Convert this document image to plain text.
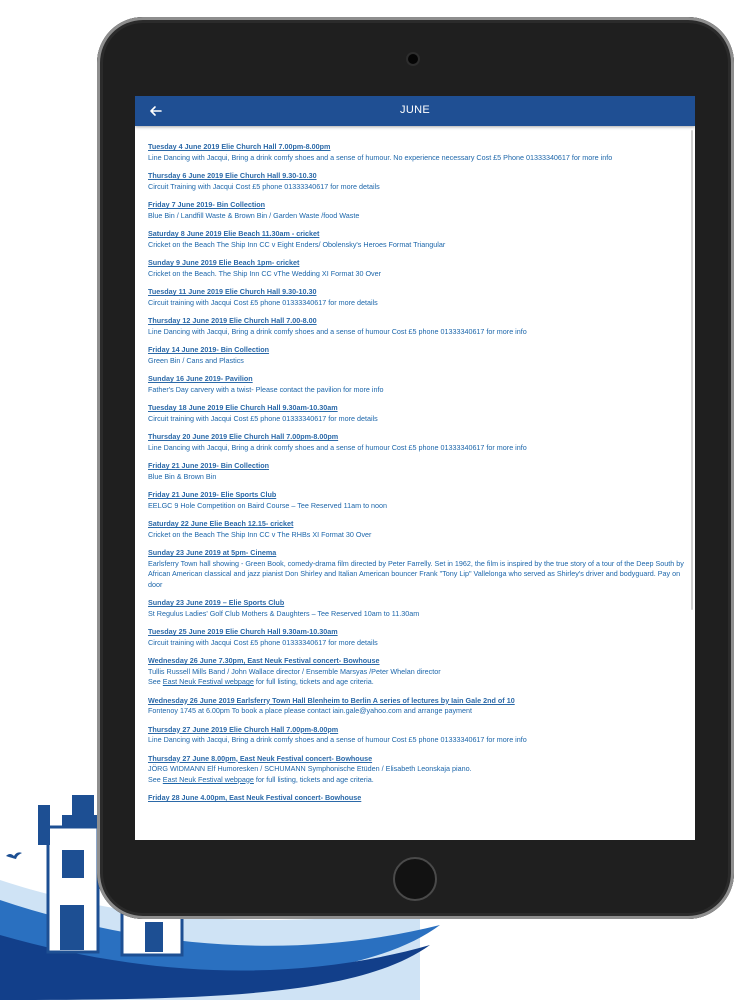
JUNE
Tuesday 4 June 2019 Elie Church Hall 7.00pm-8.00pm
Line Dancing with Jacqui, Bring a drink comfy shoes and a sense of humour. No experience necessary Cost £5 Phone 01333340617 for more info
Thursday 6 June 2019 Elie Church Hall 9.30-10.30
Circuit Training with Jacqui Cost £5 phone 01333340617 for more details
Friday 7 June 2019- Bin Collection
Blue Bin / Landfill Waste & Brown Bin / Garden Waste /food Waste
Saturday 8 June 2019 Elie Beach 11.30am - cricket
Cricket on the Beach The Ship Inn CC v Eight Enders/ Obolensky's Heroes Format Triangular
Sunday 9 June 2019 Elie Beach 1pm- cricket
Cricket on the Beach. The Ship Inn CC vThe Wedding XI Format 30 Over
Tuesday 11 June 2019 Elie Church Hall 9.30-10.30
Circuit training with Jacqui Cost £5 phone 01333340617 for more details
Thursday 12 June 2019 Elie Church Hall 7.00-8.00
Line Dancing with Jacqui, Bring a drink comfy shoes and a sense of humour Cost £5 phone 01333340617 for more info
Friday 14 June 2019- Bin Collection
Green Bin / Cans and Plastics
Sunday 16 June 2019- Pavilion
Father's Day carvery with a twist- Please contact the pavilion for more info
Tuesday 18 June 2019 Elie Church Hall 9.30am-10.30am
Circuit training with Jacqui Cost £5 phone 01333340617 for more details
Thursday 20 June 2019 Elie Church Hall 7.00pm-8.00pm
Line Dancing with Jacqui, Bring a drink comfy shoes and a sense of humour Cost £5 phone 01333340617 for more info
Friday 21 June 2019- Bin Collection
Blue Bin & Brown Bin
Friday 21 June 2019- Elie Sports Club
EELGC 9 Hole Competition on Baird Course – Tee Reserved 11am to noon
Saturday 22 June Elie Beach 12.15- cricket
Cricket on the Beach The Ship Inn CC v The RHBs XI Format 30 Over
Sunday 23 June 2019 at 5pm- Cinema
Earlsferry Town hall showing - Green Book, comedy-drama film directed by Peter Farrelly. Set in 1962, the film is inspired by the true story of a tour of the Deep South by African American classical and jazz pianist Don Shirley and Italian American bouncer Frank "Tony Lip" Vallelonga who served as Shirley's driver and bodyguard. Pay on door
Sunday 23 June 2019 – Elie Sports Club
St Regulus Ladies' Golf Club Mothers & Daughters – Tee Reserved 10am to 11.30am
Tuesday 25 June 2019 Elie Church Hall 9.30am-10.30am
Circuit training with Jacqui Cost £5 phone 01333340617 for more details
Wednesday 26 June 7.30pm, East Neuk Festival concert- Bowhouse
Tullis Russell Mills Band / John Wallace director / Ensemble Marsyas /Peter Whelan director
See East Neuk Festival webpage for full listing, tickets and age criteria.
Wednesday 26 June 2019 Earlsferry Town Hall Blenheim to Berlin A series of lectures by Iain Gale 2nd of 10
Fontenoy 1745 at 6.00pm To book a place please contact iain.gale@yahoo.com and arrange payment
Thursday 27 June 2019 Elie Church Hall 7.00pm-8.00pm
Line Dancing with Jacqui, Bring a drink comfy shoes and a sense of humour Cost £5 phone 01333340617 for more info
Thursday 27 June 8.00pm, East Neuk Festival concert- Bowhouse
JÖRG WIDMANN Elf Humoresken / SCHUMANN Symphonische Etüden / Elisabeth Leonskaja piano.
See East Neuk Festival webpage for full listing, tickets and age criteria.
Friday 28 June 4.00pm, East Neuk Festival concert- Bowhouse
